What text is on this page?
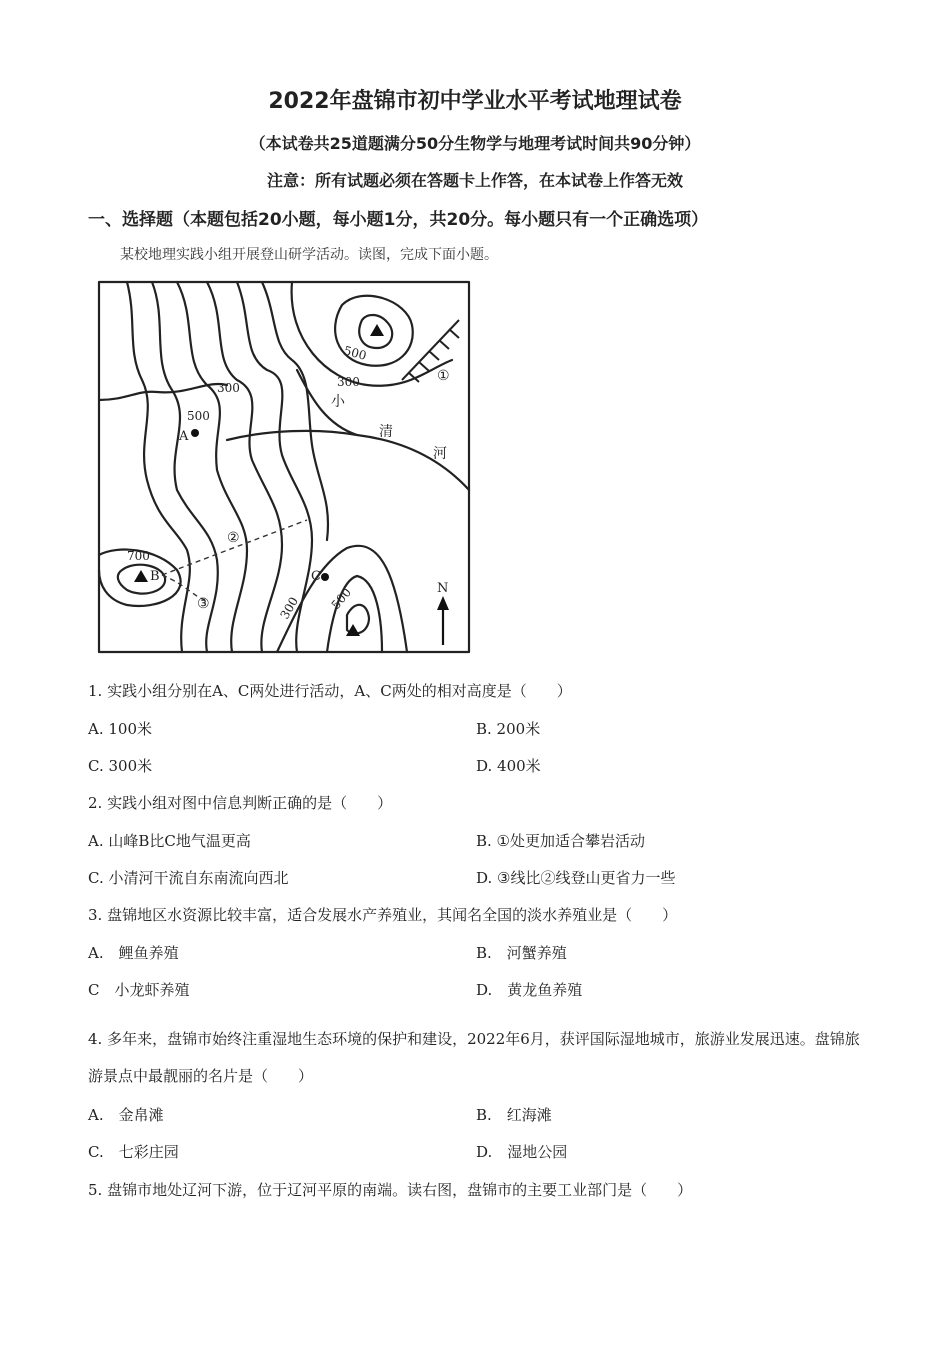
2022年盘锦市初中学业水平考试地理试卷
（本试卷共25道题满分50分生物学与地理考试时间共90分钟）
注意：所有试题必须在答题卡上作答，在本试卷上作答无效
一、选择题（本题包括20小题，每小题1分，共20分。每小题只有一个正确选项）
某校地理实践小组开展登山研学活动。读图，完成下面小题。
500
300
300
500
700
300 500
A
B	C
①
②
③
小
清
河
N
1. 实践小组分别在A、C两处进行活动，A、C两处的相对高度是（　　）
A. 100米	B. 200米
C. 300米	D. 400米
2. 实践小组对图中信息判断正确的是（　　）
A. 山峰B比C地气温更高	B. ①处更加适合攀岩活动
C. 小清河干流自东南流向西北	D. ③线比②线登山更省力一些
3. 盘锦地区水资源比较丰富，适合发展水产养殖业，其闻名全国的淡水养殖业是（　　）
A.　鲤鱼养殖	B.　河蟹养殖
C　小龙虾养殖	D.　黄龙鱼养殖
4. 多年来，盘锦市始终注重湿地生态环境的保护和建设，2022年6月，获评国际湿地城市，旅游业发展迅速。盘锦旅游景点中最靓丽的名片是（　　）
A.　金帛滩	B.　红海滩
C.　七彩庄园	D.　湿地公园
5. 盘锦市地处辽河下游，位于辽河平原的南端。读右图，盘锦市的主要工业部门是（　　）
